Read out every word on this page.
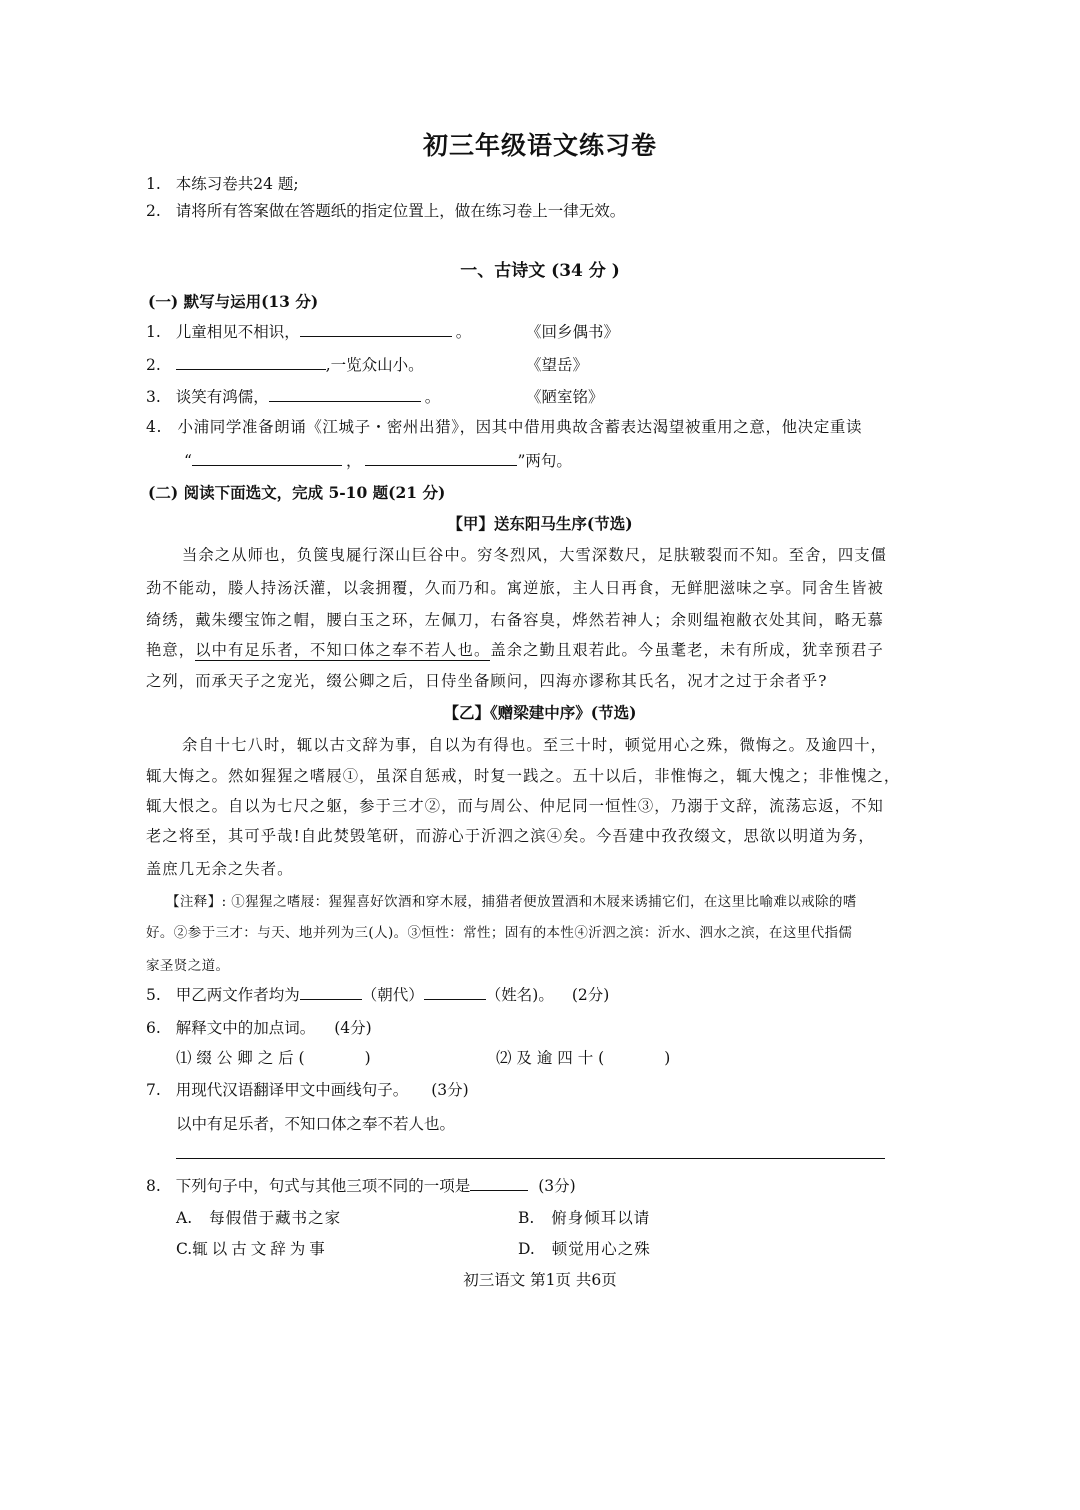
初三年级语文练习卷
1. 本练习卷共24 题;
2. 请将所有答案做在答题纸的指定位置上，做在练习卷上一律无效。
一、古诗文 (34 分 )
(一) 默写与运用(13 分)
1. 儿童相见不相识，	。	《回乡偶书》
2.	,一览众山小。	《望岳》
3. 谈笑有鸿儒，	。	《陋室铭》
4. 小浦同学准备朗诵《江城子・密州出猎》，因其中借用典故含蓄表达渴望被重用之意，他决定重读
“	，	”两句。
(二) 阅读下面选文，完成 5-10 题(21 分)
【甲】送东阳马生序(节选)
当余之从师也，负箧曳屣行深山巨谷中。穷冬烈风，大雪深数尺，足肤皲裂而不知。至舍，四支僵
劲不能动，媵人持汤沃灌，以衾拥覆，久而乃和。寓逆旅，主人日再食，无鲜肥滋味之享。同舍生皆被
绮绣，戴朱缨宝饰之帽，腰白玉之环，左佩刀，右备容臭，烨然若神人；余则缊袍敝衣处其间，略无慕
艳意，以中有足乐者，不知口体之奉不若人也。盖余之勤且艰若此。今虽耄老，未有所成，犹幸预君子
之列，而承天子之宠光，缀公卿之后，日侍坐备顾问，四海亦谬称其氏名，况才之过于余者乎?
【乙】《赠梁建中序》(节选)
余自十七八时，辄以古文辞为事，自以为有得也。至三十时，顿觉用心之殊，微悔之。及逾四十，
辄大悔之。然如猩猩之嗜屐①，虽深自惩戒，时复一践之。五十以后，非惟悔之，辄大愧之；非惟愧之，
辄大恨之。自以为七尺之躯，参于三才②，而与周公、仲尼同一恒性③，乃溺于文辞，流荡忘返，不知
老之将至，其可乎哉!自此焚毁笔研，而游心于沂泗之滨④矣。今吾建中孜孜缀文，思欲以明道为务，
盖庶几无余之失者。
【注释】: ①猩猩之嗜屐：猩猩喜好饮酒和穿木屐，捕猎者便放置酒和木屐来诱捕它们，在这里比喻难以戒除的嗜
好。②参于三才：与天、地并列为三(人)。③恒性：常性；固有的本性④沂泗之滨：沂水、泗水之滨，在这里代指儒
家圣贤之道。
5. 甲乙两文作者均为	（朝代）	（姓名)。 (2分)
6. 解释文中的加点词。 (4分)
⑴ 缀 公 卿 之 后 (	)	⑵ 及 逾 四 十 (	)
7. 用现代汉语翻译甲文中画线句子。 (3分)
以中有足乐者，不知口体之奉不若人也。
8. 下列句子中，句式与其他三项不同的一项是	(3分)
A. 每假借于藏书之家	B. 俯身倾耳以请
C.辄以古文辞为事	D. 顿觉用心之殊
初三语文 第1页 共6页
